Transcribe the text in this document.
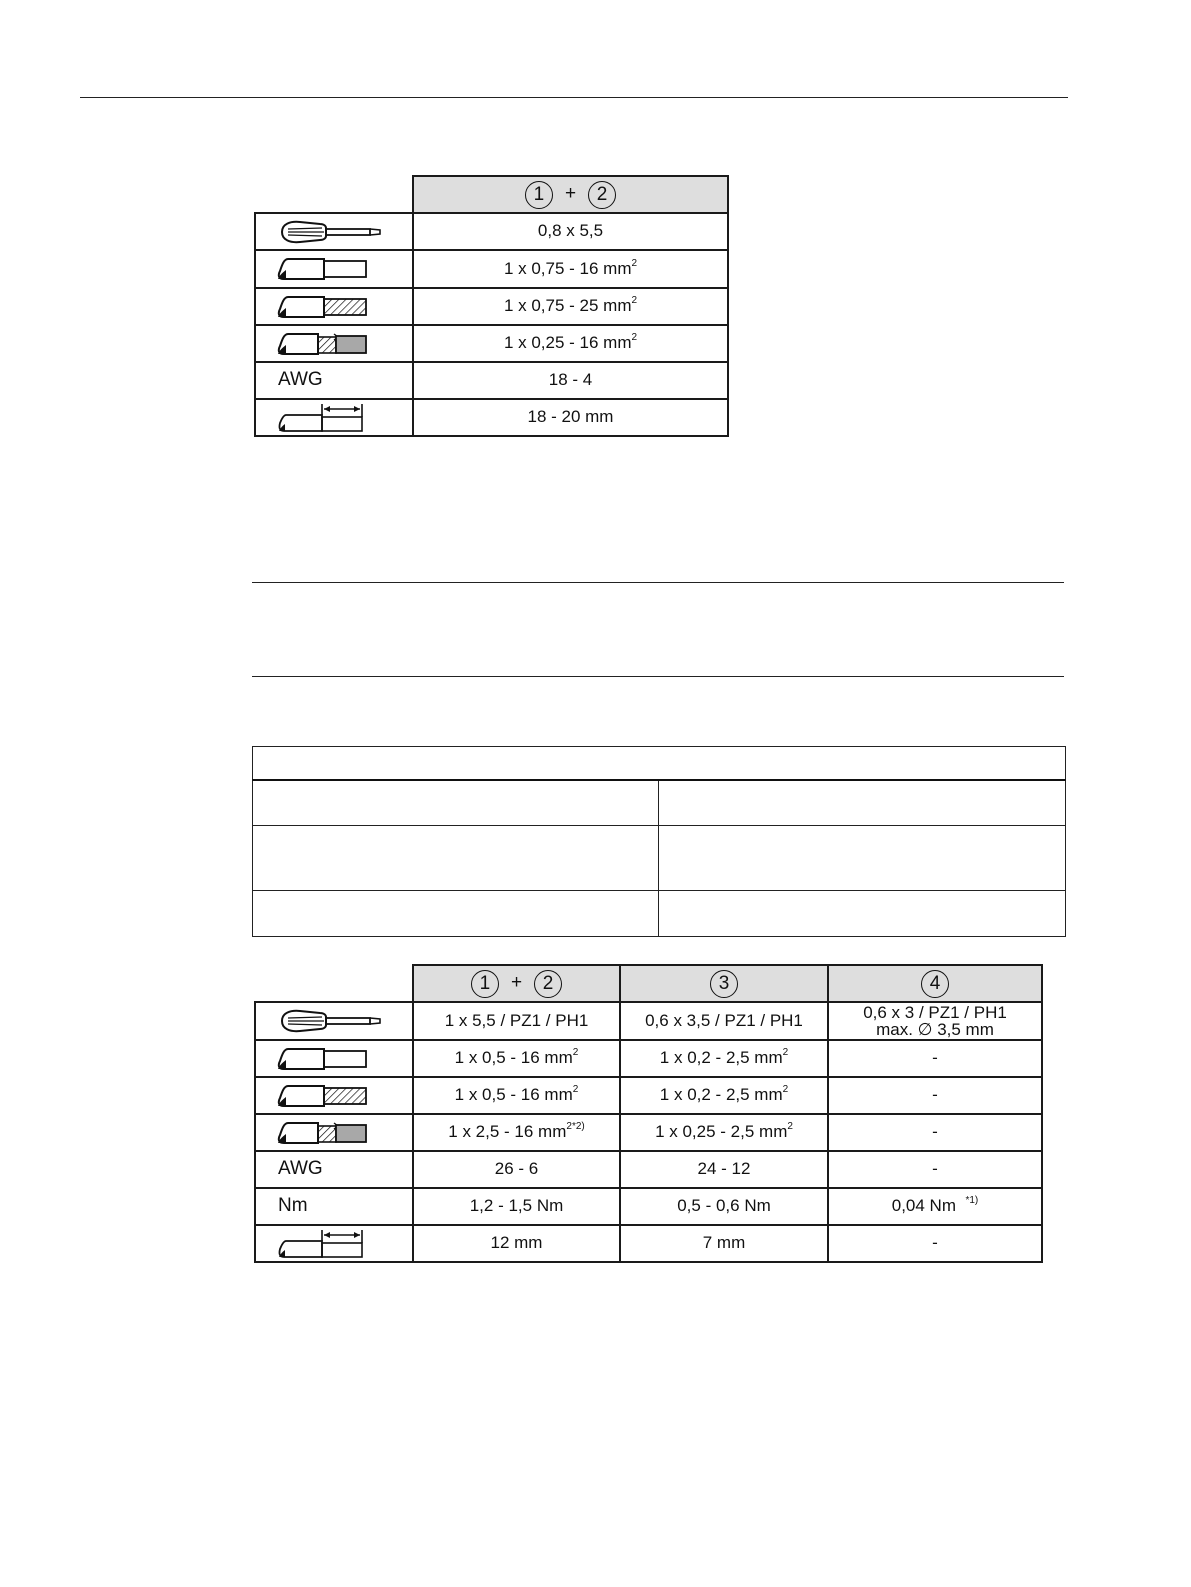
	1 + 2

	0,8 x 5,5

	1 x 0,75 - 16 $mm^2$

	1 x 0,75 - 25 $mm^2$

	1 x 0,25 - 16 $mm^2$
AWG	18 - 4

	18 - 20 mm

	1 + 2	3	4

	1 x 5,5 / PZ1 / PH1	0,6 x 3,5 / PZ1 / PH1	0,6 x 3 / PZ1 / PH1
max. ∅ 3,5 mm

	1 x 0,5 - 16 $mm^2$	1 x 0,2 - 2,5 $mm^2$	-

	1 x 0,5 - 16 $mm^2$	1 x 0,2 - 2,5 $mm^2$	-

	1 x 2,5 - 16 $mm^{2*2)}$	1 x 0,25 - 2,5 $mm^2$	-
AWG	26 - 6	24 - 12	-
Nm	1,2 - 1,5 Nm	0,5 - 0,6 Nm	0,04 Nm $^{*1)}$

	12 mm	7 mm	-
